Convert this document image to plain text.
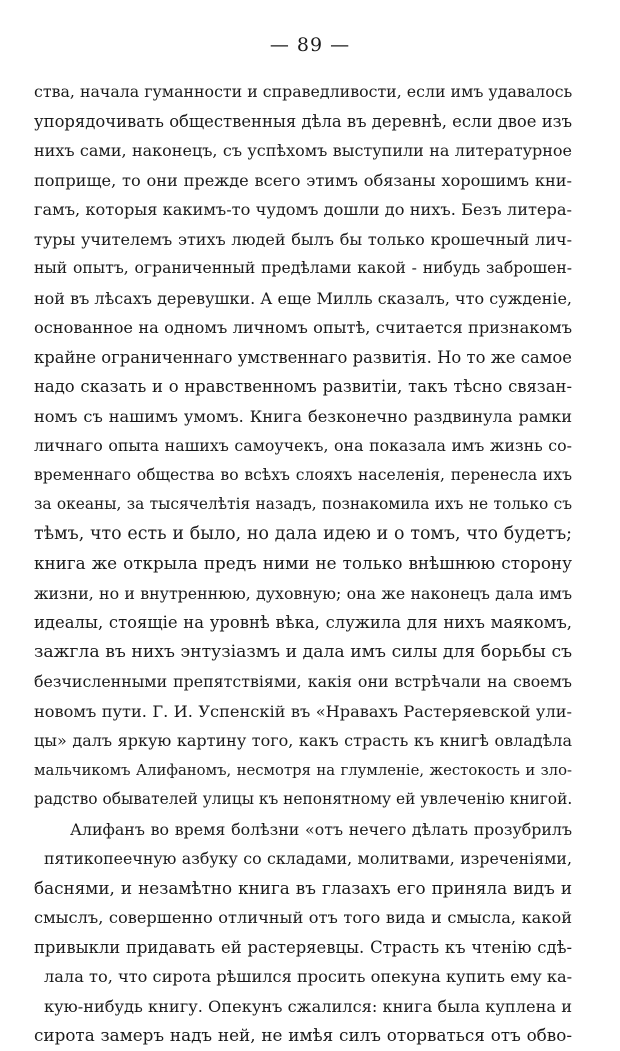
— 89 —
ства, начала гуманности и справедливости, если имъ удавалось
упорядочивать общественныя дѣла въ деревнѣ, если двое изъ
нихъ сами, наконецъ, съ успѣхомъ выступили на литературное
поприще, то они прежде всего этимъ обязаны хорошимъ кни-
гамъ, которыя какимъ-то чудомъ дошли до нихъ. Безъ литера-
туры учителемъ этихъ людей былъ бы только крошечный лич-
ный опытъ, ограниченный предѣлами какой - нибудь заброшен-
ной въ лѣсахъ деревушки. А еще Милль сказалъ, что сужденіе,
основанное на одномъ личномъ опытѣ, считается признакомъ
крайне ограниченнагo умственнаго развитія. Но то же самое
надо сказать и о нравственномъ развитіи, такъ тѣсно связан-
номъ съ нашимъ умомъ. Книга безконечно раздвинула рамки
личнаго опыта нашихъ самоучекъ, она показала имъ жизнь со-
временнаго общества во всѣхъ слояхъ населенія, перенесла ихъ
за океаны, за тысячелѣтія назадъ, познакомила ихъ не только съ
тѣмъ, что есть и было, но дала идею и о томъ, что будетъ;
книга же открыла предъ ними не только внѣшнюю сторону
жизни, но и внутреннюю, духовную; она же наконецъ дала имъ
идеалы, стоящіе на уровнѣ вѣка, служила для нихъ маякомъ,
зажгла въ нихъ энтузіазмъ и дала имъ силы для борьбы съ
безчисленными препятствіями, какія они встрѣчали на своемъ
новомъ пути. Г. И. Успенскій въ «Нравахъ Растеряевской ули-
цы» далъ яркую картину того, какъ страсть къ книгѣ овладѣла
мальчикомъ Алифаномъ, несмотря на глумленіе, жестокость и зло-
радство обывателей улицы къ непонятному ей увлеченію книгой.
Алифанъ во время болѣзни «отъ нечего дѣлать прозубрилъ
пятикопеечную азбуку со складами, молитвами, изреченіями,
баснями, и незамѣтно книга въ глазахъ его приняла видъ и
смыслъ, совершенно отличный отъ того вида и смысла, какой
привыкли придавать ей растеряевцы. Страсть къ чтенію сдѣ-
лала то, что сирота рѣшился просить опекуна купить ему ка-
кую-нибудь книгу. Опекунъ сжалился: книга была куплена и
сирота замеръ надъ ней, не имѣя силъ оторваться отъ обво-
